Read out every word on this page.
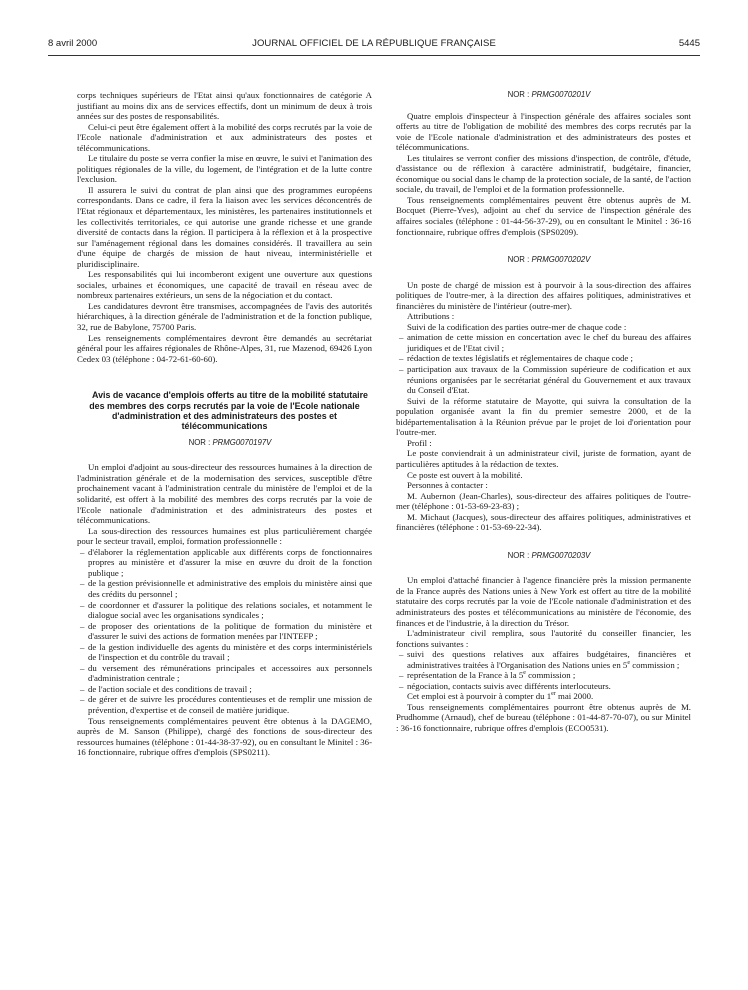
8 avril 2000	JOURNAL OFFICIEL DE LA RÉPUBLIQUE FRANÇAISE	5445

corps techniques supérieurs de l'Etat ainsi qu'aux fonctionnaires de catégorie A justifiant au moins dix ans de services effectifs, dont un minimum de deux à trois années sur des postes de responsabilités.

Celui-ci peut être également offert à la mobilité des corps recrutés par la voie de l'Ecole nationale d'administration et aux administrateurs des postes et télécommunications.

Le titulaire du poste se verra confier la mise en œuvre, le suivi et l'animation des politiques régionales de la ville, du logement, de l'intégration et de la lutte contre l'exclusion.

Il assurera le suivi du contrat de plan ainsi que des programmes européens correspondants. Dans ce cadre, il fera la liaison avec les services déconcentrés de l'Etat régionaux et départementaux, les ministères, les partenaires institutionnels et les collectivités territoriales, ce qui autorise une grande richesse et une grande diversité de contacts dans la région. Il participera à la réflexion et à la prospective sur l'aménagement régional dans les domaines considérés. Il travaillera au sein d'une équipe de chargés de mission de haut niveau, interministérielle et pluridisciplinaire.

Les responsabilités qui lui incomberont exigent une ouverture aux questions sociales, urbaines et économiques, une capacité de travail en réseau avec de nombreux partenaires extérieurs, un sens de la négociation et du contact.

Les candidatures devront être transmises, accompagnées de l'avis des autorités hiérarchiques, à la direction générale de l'administration et de la fonction publique, 32, rue de Babylone, 75700 Paris.

Les renseignements complémentaires devront être demandés au secrétariat général pour les affaires régionales de Rhône-Alpes, 31, rue Mazenod, 69426 Lyon Cedex 03 (téléphone : 04-72-61-60-60).

Avis de vacance d'emplois offerts au titre de la mobilité statutaire des membres des corps recrutés par la voie de l'Ecole nationale d'administration et des administrateurs des postes et télécommunications

NOR : PRMG0070197V

Un emploi d'adjoint au sous-directeur des ressources humaines à la direction de l'administration générale et de la modernisation des services, susceptible d'être prochainement vacant à l'administration centrale du ministère de l'emploi et de la solidarité, est offert à la mobilité des membres des corps recrutés par la voie de l'Ecole nationale d'administration et des administrateurs des postes et télécommunications.

La sous-direction des ressources humaines est plus particulièrement chargée pour le secteur travail, emploi, formation professionnelle :

– d'élaborer la réglementation applicable aux différents corps de fonctionnaires propres au ministère et d'assurer la mise en œuvre du droit de la fonction publique ;
– de la gestion prévisionnelle et administrative des emplois du ministère ainsi que des crédits du personnel ;
– de coordonner et d'assurer la politique des relations sociales, et notamment le dialogue social avec les organisations syndicales ;
– de proposer des orientations de la politique de formation du ministère et d'assurer le suivi des actions de formation menées par l'INTEFP ;
– de la gestion individuelle des agents du ministère et des corps interministériels de l'inspection et du contrôle du travail ;
– du versement des rémunérations principales et accessoires aux personnels d'administration centrale ;
– de l'action sociale et des conditions de travail ;
– de gérer et de suivre les procédures contentieuses et de remplir une mission de prévention, d'expertise et de conseil de matière juridique.

Tous renseignements complémentaires peuvent être obtenus à la DAGEMO, auprès de M. Sanson (Philippe), chargé des fonctions de sous-directeur des ressources humaines (téléphone : 01-44-38-37-92), ou en consultant le Minitel : 36-16 fonctionnaire, rubrique offres d'emplois (SPS0211).

NOR : PRMG0070201V

Quatre emplois d'inspecteur à l'inspection générale des affaires sociales sont offerts au titre de l'obligation de mobilité des membres des corps recrutés par la voie de l'Ecole nationale d'administration et des administrateurs des postes et télécommunications.

Les titulaires se verront confier des missions d'inspection, de contrôle, d'étude, d'assistance ou de réflexion à caractère administratif, budgétaire, financier, économique ou social dans le champ de la protection sociale, de la santé, de l'action sociale, du travail, de l'emploi et de la formation professionnelle.

Tous renseignements complémentaires peuvent être obtenus auprès de M. Bocquet (Pierre-Yves), adjoint au chef du service de l'inspection générale des affaires sociales (téléphone : 01-44-56-37-29), ou en consultant le Minitel : 36-16 fonctionnaire, rubrique offres d'emplois (SPS0209).

NOR : PRMG0070202V

Un poste de chargé de mission est à pourvoir à la sous-direction des affaires politiques de l'outre-mer, à la direction des affaires politiques, administratives et financières du ministère de l'intérieur (outre-mer).

Attributions :

Suivi de la codification des parties outre-mer de chaque code :

– animation de cette mission en concertation avec le chef du bureau des affaires juridiques et de l'Etat civil ;
– rédaction de textes législatifs et réglementaires de chaque code ;
– participation aux travaux de la Commission supérieure de codification et aux réunions organisées par le secrétariat général du Gouvernement et aux travaux du Conseil d'Etat.

Suivi de la réforme statutaire de Mayotte, qui suivra la consultation de la population organisée avant la fin du premier semestre 2000, et de la bidépartementalisation à la Réunion prévue par le projet de loi d'orientation pour l'outre-mer.

Profil :

Le poste conviendrait à un administrateur civil, juriste de formation, ayant de particulières aptitudes à la rédaction de textes.

Ce poste est ouvert à la mobilité.

Personnes à contacter :

M. Aubernon (Jean-Charles), sous-directeur des affaires politiques de l'outre-mer (téléphone : 01-53-69-23-83) ;

M. Michaut (Jacques), sous-directeur des affaires politiques, administratives et financières (téléphone : 01-53-69-22-34).

NOR : PRMG0070203V

Un emploi d'attaché financier à l'agence financière près la mission permanente de la France auprès des Nations unies à New York est offert au titre de la mobilité statutaire des corps recrutés par la voie de l'Ecole nationale d'administration et des administrateurs des postes et télécommunications au ministère de l'économie, des finances et de l'industrie, à la direction du Trésor.

L'administrateur civil remplira, sous l'autorité du conseiller financier, les fonctions suivantes :

– suivi des questions relatives aux affaires budgétaires, financières et administratives traitées à l'Organisation des Nations unies en 5e commission ;
– représentation de la France à la 5e commission ;
– négociation, contacts suivis avec différents interlocuteurs.

Cet emploi est à pourvoir à compter du 1er mai 2000.

Tous renseignements complémentaires pourront être obtenus auprès de M. Prudhomme (Arnaud), chef de bureau (téléphone : 01-44-87-70-07), ou sur Minitel : 36-16 fonctionnaire, rubrique offres d'emplois (ECO0531).
